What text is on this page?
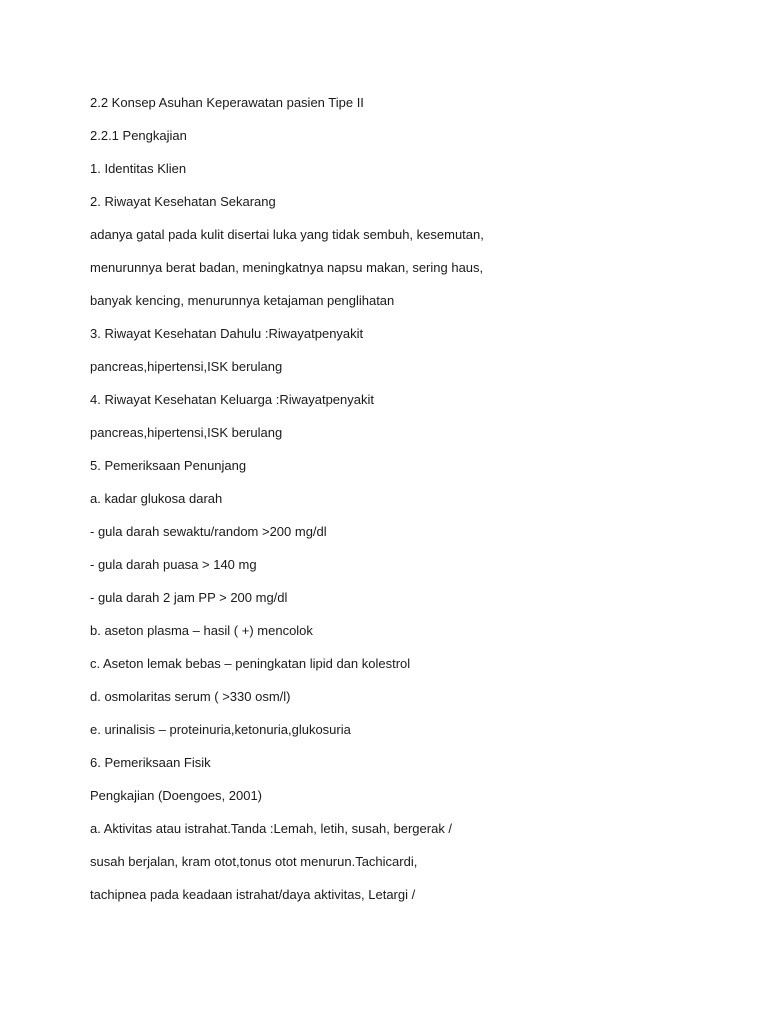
2.2 Konsep Asuhan Keperawatan pasien Tipe II

2.2.1 Pengkajian

1. Identitas Klien

2. Riwayat Kesehatan Sekarang

adanya gatal pada kulit disertai luka yang tidak sembuh, kesemutan,

menurunnya berat badan, meningkatnya napsu makan, sering haus,

banyak kencing, menurunnya ketajaman penglihatan

3. Riwayat Kesehatan Dahulu :Riwayatpenyakit

pancreas,hipertensi,ISK berulang

4. Riwayat Kesehatan Keluarga :Riwayatpenyakit

pancreas,hipertensi,ISK berulang

5. Pemeriksaan Penunjang

a. kadar glukosa darah

- gula darah sewaktu/random >200 mg/dl

- gula darah puasa > 140 mg

- gula darah 2 jam PP > 200 mg/dl

b. aseton plasma – hasil ( +) mencolok

c. Aseton lemak bebas – peningkatan lipid dan kolestrol

d. osmolaritas serum ( >330 osm/l)

e. urinalisis – proteinuria,ketonuria,glukosuria

6. Pemeriksaan Fisik

Pengkajian (Doengoes, 2001)

a. Aktivitas atau istrahat.Tanda :Lemah, letih, susah, bergerak /

susah berjalan, kram otot,tonus otot menurun.Tachicardi,

tachipnea pada keadaan istrahat/daya aktivitas, Letargi /
